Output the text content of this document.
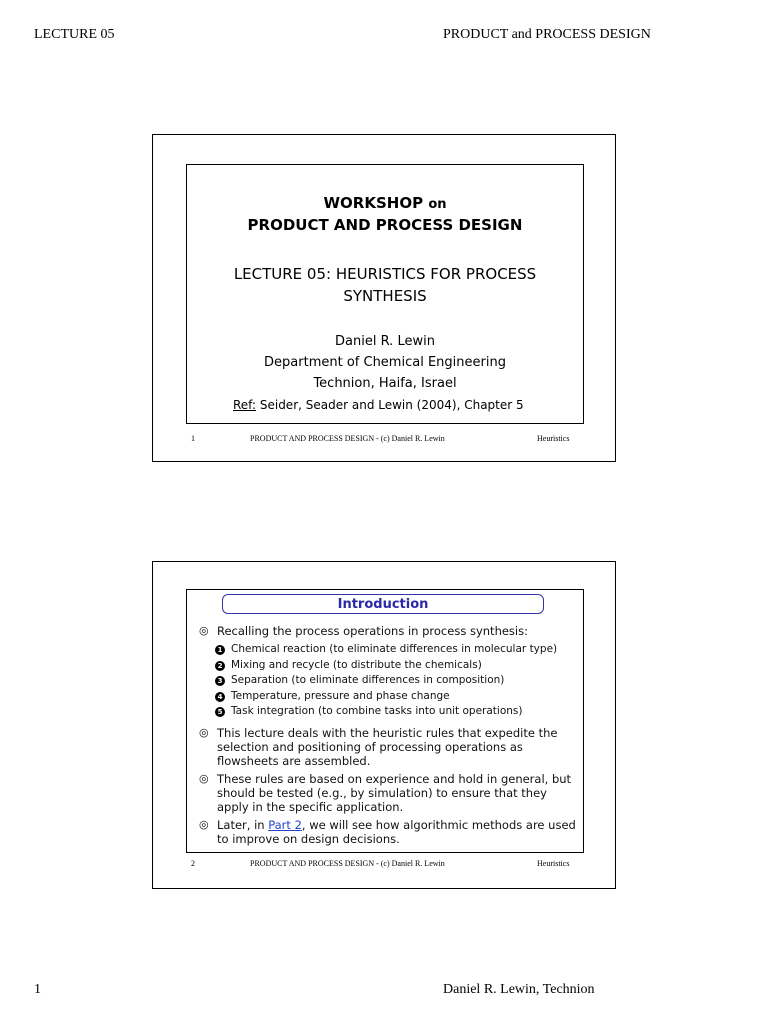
LECTURE 05	PRODUCT and PROCESS DESIGN
WORKSHOP on
PRODUCT AND PROCESS DESIGN
LECTURE 05: HEURISTICS FOR PROCESS
SYNTHESIS
Daniel R. Lewin
Department of Chemical Engineering
Technion, Haifa, Israel
Ref: Seider, Seader and Lewin (2004), Chapter 5
1	PRODUCT AND PROCESS DESIGN - (c) Daniel R. Lewin	Heuristics
Introduction
◎ Recalling the process operations in process synthesis:
1 Chemical reaction (to eliminate differences in molecular type)
2 Mixing and recycle (to distribute the chemicals)
3 Separation (to eliminate differences in composition)
4 Temperature, pressure and phase change
5 Task integration (to combine tasks into unit operations)
◎ This lecture deals with the heuristic rules that expedite the selection and positioning of processing operations as flowsheets are assembled.
◎ These rules are based on experience and hold in general, but should be tested (e.g., by simulation) to ensure that they apply in the specific application.
◎ Later, in Part 2, we will see how algorithmic methods are used to improve on design decisions.
2	PRODUCT AND PROCESS DESIGN - (c) Daniel R. Lewin	Heuristics
1	Daniel R. Lewin, Technion
